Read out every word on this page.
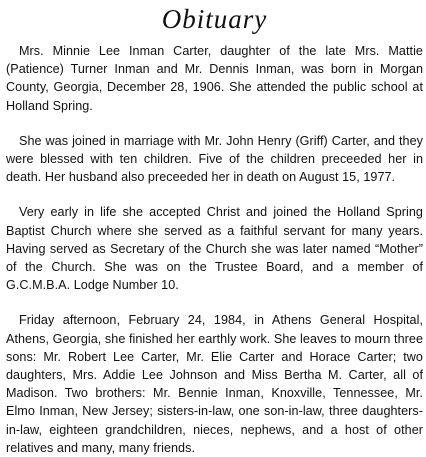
Obituary

Mrs. Minnie Lee Inman Carter, daughter of the late Mrs. Mattie (Patience) Turner Inman and Mr. Dennis Inman, was born in Morgan County, Georgia, December 28, 1906. She attended the public school at Holland Spring.

She was joined in marriage with Mr. John Henry (Griff) Carter, and they were blessed with ten children. Five of the children preceeded her in death. Her husband also preceeded her in death on August 15, 1977.

Very early in life she accepted Christ and joined the Holland Spring Baptist Church where she served as a faithful servant for many years. Having served as Secretary of the Church she was later named “Mother” of the Church. She was on the Trustee Board, and a member of G.C.M.B.A. Lodge Number 10.

Friday afternoon, February 24, 1984, in Athens General Hospital, Athens, Georgia, she finished her earthly work. She leaves to mourn three sons: Mr. Robert Lee Carter, Mr. Elie Carter and Horace Carter; two daughters, Mrs. Addie Lee Johnson and Miss Bertha M. Carter, all of Madison. Two brothers: Mr. Bennie Inman, Knoxville, Tennessee, Mr. Elmo Inman, New Jersey; sisters-in-law, one son-in-law, three daughters-in-law, eighteen grandchildren, nieces, nephews, and a host of other relatives and many, many friends.
